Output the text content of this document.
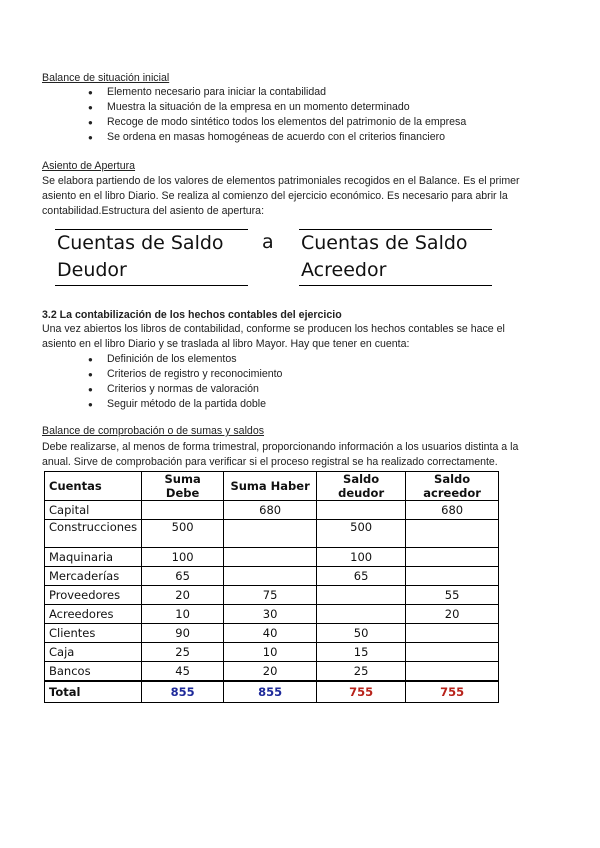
Balance de situación inicial
● Elemento necesario para iniciar la contabilidad
● Muestra la situación de la empresa en un momento determinado
● Recoge de modo sintético todos los elementos del patrimonio de la empresa
● Se ordena en masas homogéneas de acuerdo con el criterios financiero
Asiento de Apertura
Se elabora partiendo de los valores de elementos patrimoniales recogidos en el Balance. Es el primer
asiento en el libro Diario. Se realiza al comienzo del ejercicio económico. Es necesario para abrir la
contabilidad.Estructura del asiento de apertura:
Cuentas de Saldo
Deudor
a Cuentas de Saldo
Acreedor
3.2 La contabilización de los hechos contables del ejercicio
Una vez abiertos los libros de contabilidad, conforme se producen los hechos contables se hace el
asiento en el libro Diario y se traslada al libro Mayor. Hay que tener en cuenta:
● Definición de los elementos
● Criterios de registro y reconocimiento
● Criterios y normas de valoración
● Seguir método de la partida doble
Balance de comprobación o de sumas y saldos
Debe realizarse, al menos de forma trimestral, proporcionando información a los usuarios distinta a la
anual. Sirve de comprobación para verificar si el proceso registral se ha realizado correctamente.
Cuentas	Suma Debe	Suma Haber	Saldo deudor	Saldo acreedor
Capital		680		680
Construcciones	500		500	
Maquinaria	100		100	
Mercaderías	65		65	
Proveedores	20	75		55
Acreedores	10	30		20
Clientes	90	40	50	
Caja	25	10	15	
Bancos	45	20	25	
Total	855	855	755	755
